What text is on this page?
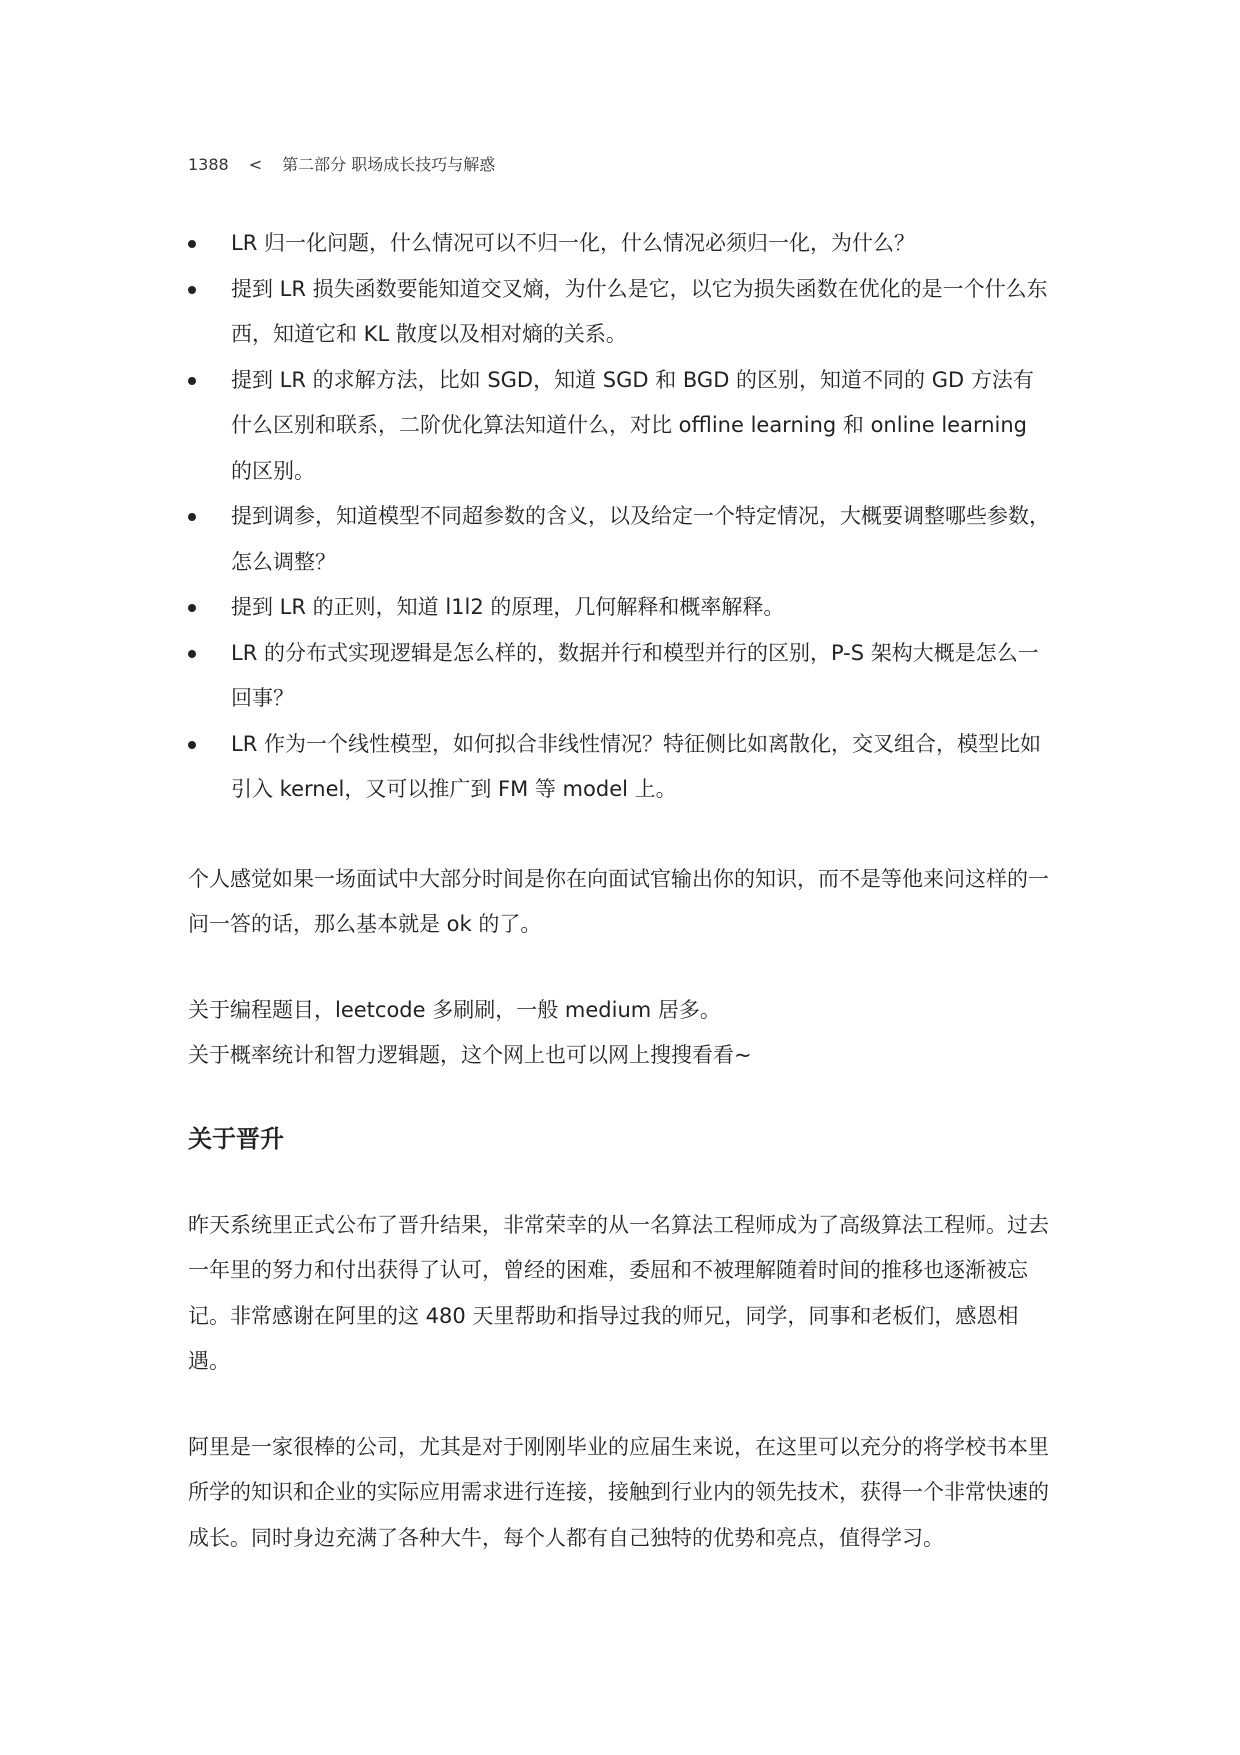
1388 < 第二部分 职场成长技巧与解惑
LR 归一化问题，什么情况可以不归一化，什么情况必须归一化，为什么？
提到 LR 损失函数要能知道交叉熵，为什么是它，以它为损失函数在优化的是一个什么东西，知道它和 KL 散度以及相对熵的关系。
提到 LR 的求解方法，比如 SGD，知道 SGD 和 BGD 的区别，知道不同的 GD 方法有什么区别和联系，二阶优化算法知道什么，对比 offline learning 和 online learning 的区别。
提到调参，知道模型不同超参数的含义，以及给定一个特定情况，大概要调整哪些参数，怎么调整？
提到 LR 的正则，知道 l1l2 的原理，几何解释和概率解释。
LR 的分布式实现逻辑是怎么样的，数据并行和模型并行的区别，P-S 架构大概是怎么一回事？
LR 作为一个线性模型，如何拟合非线性情况？特征侧比如离散化，交叉组合，模型比如引入 kernel，又可以推广到 FM 等 model 上。

个人感觉如果一场面试中大部分时间是你在向面试官输出你的知识，而不是等他来问这样的一问一答的话，那么基本就是 ok 的了。

关于编程题目，leetcode 多刷刷，一般 medium 居多。

关于概率统计和智力逻辑题，这个网上也可以网上搜搜看看~

关于晋升

昨天系统里正式公布了晋升结果，非常荣幸的从一名算法工程师成为了高级算法工程师。过去一年里的努力和付出获得了认可，曾经的困难，委屈和不被理解随着时间的推移也逐渐被忘记。非常感谢在阿里的这 480 天里帮助和指导过我的师兄，同学，同事和老板们，感恩相遇。

阿里是一家很棒的公司，尤其是对于刚刚毕业的应届生来说，在这里可以充分的将学校书本里所学的知识和企业的实际应用需求进行连接，接触到行业内的领先技术，获得一个非常快速的成长。同时身边充满了各种大牛，每个人都有自己独特的优势和亮点，值得学习。
